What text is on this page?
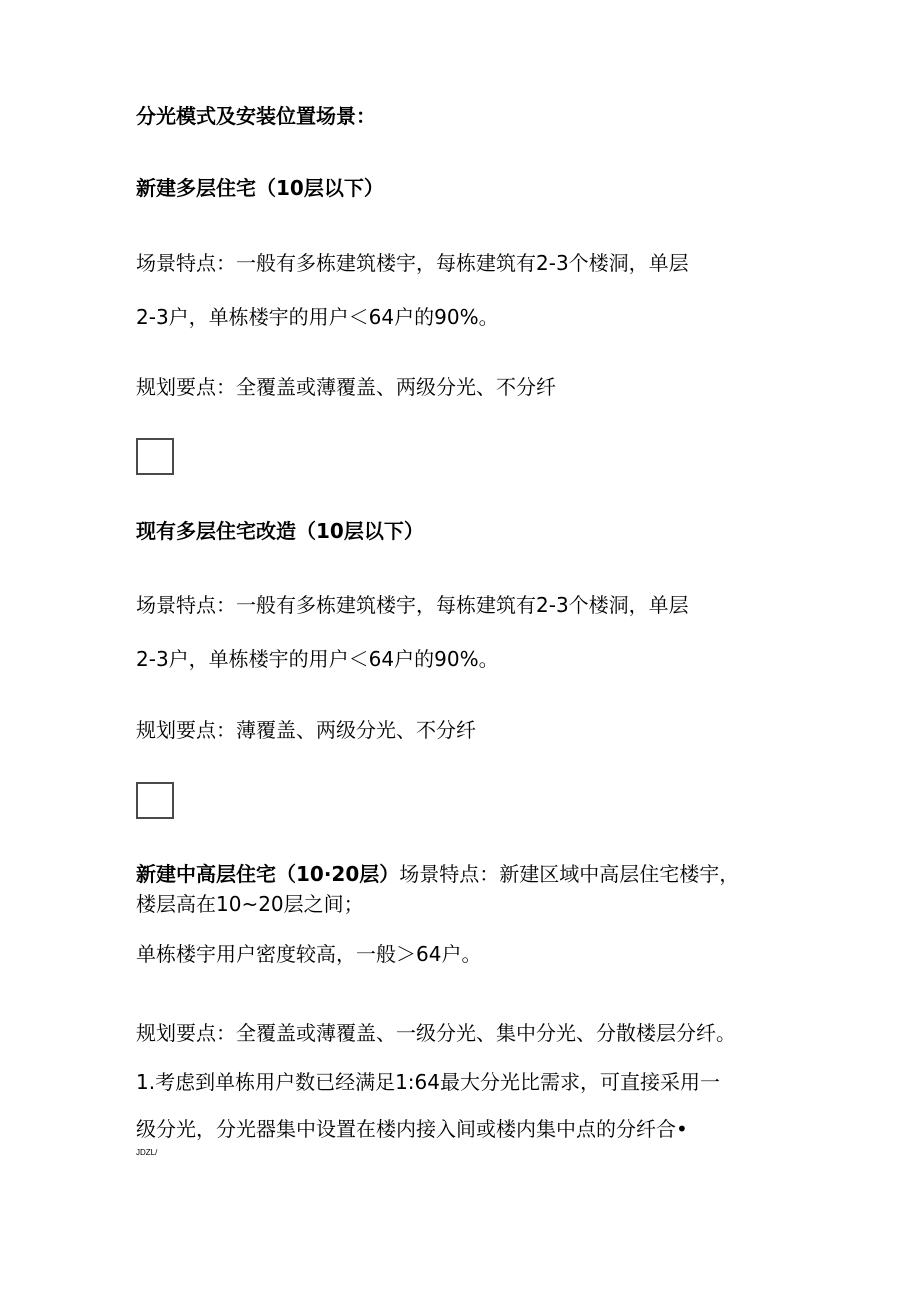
分光模式及安装位置场景：

新建多层住宅（10层以下）

场景特点：一般有多栋建筑楼宇，每栋建筑有2-3个楼洞，单层

2-3户，单栋楼宇的用户＜64户的90%。

规划要点：全覆盖或薄覆盖、两级分光、不分纤

现有多层住宅改造（10层以下）

场景特点：一般有多栋建筑楼宇，每栋建筑有2-3个楼洞，单层

2-3户，单栋楼宇的用户＜64户的90%。

规划要点：薄覆盖、两级分光、不分纤

新建中高层住宅（10·20层）场景特点：新建区域中高层住宅楼宇，

楼层高在10~20层之间；

单栋楼宇用户密度较高，一般＞64户。

规划要点：全覆盖或薄覆盖、一级分光、集中分光、分散楼层分纤。

1.考虑到单栋用户数已经满足1:64最大分光比需求，可直接采用一

级分光，分光器集中设置在楼内接入间或楼内集中点的分纤合•

JDZL/
